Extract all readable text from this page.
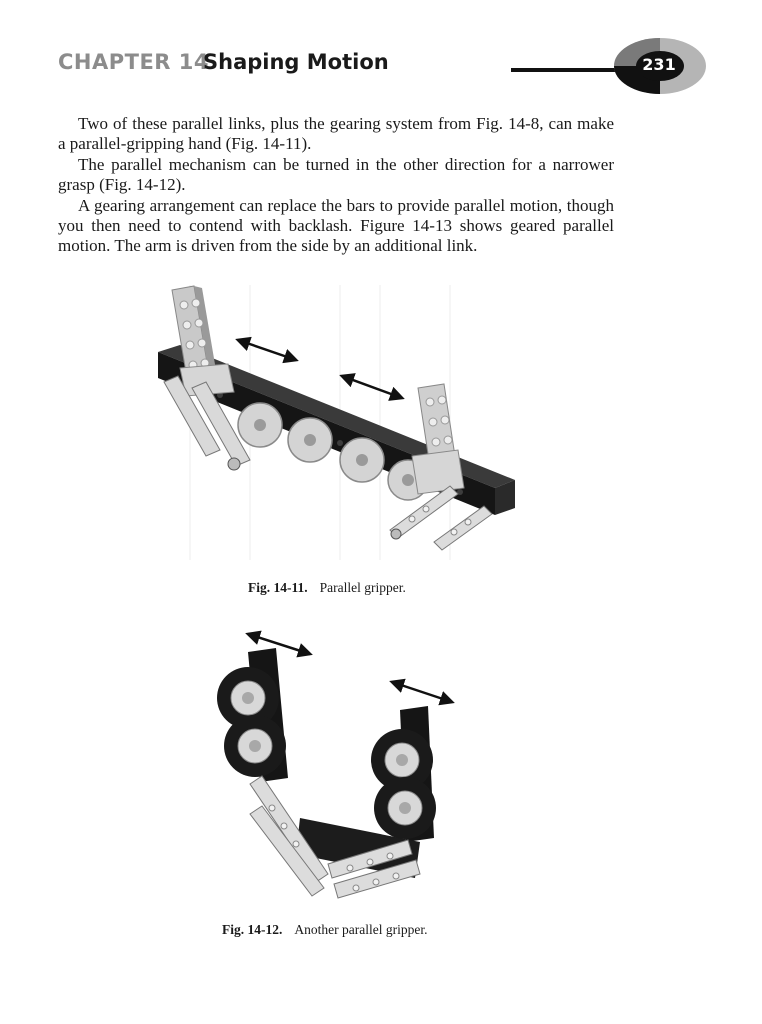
CHAPTER 14
Shaping Motion	231

Two of these parallel links, plus the gearing system from Fig. 14-8, can make a parallel-gripping hand (Fig. 14-11).

The parallel mechanism can be turned in the other direction for a narrower grasp (Fig. 14-12).

A gearing arrangement can replace the bars to provide parallel motion, though you then need to contend with backlash. Figure 14-13 shows geared parallel motion. The arm is driven from the side by an additional link.

Fig. 14-11. Parallel gripper.
Fig. 14-12. Another parallel gripper.
